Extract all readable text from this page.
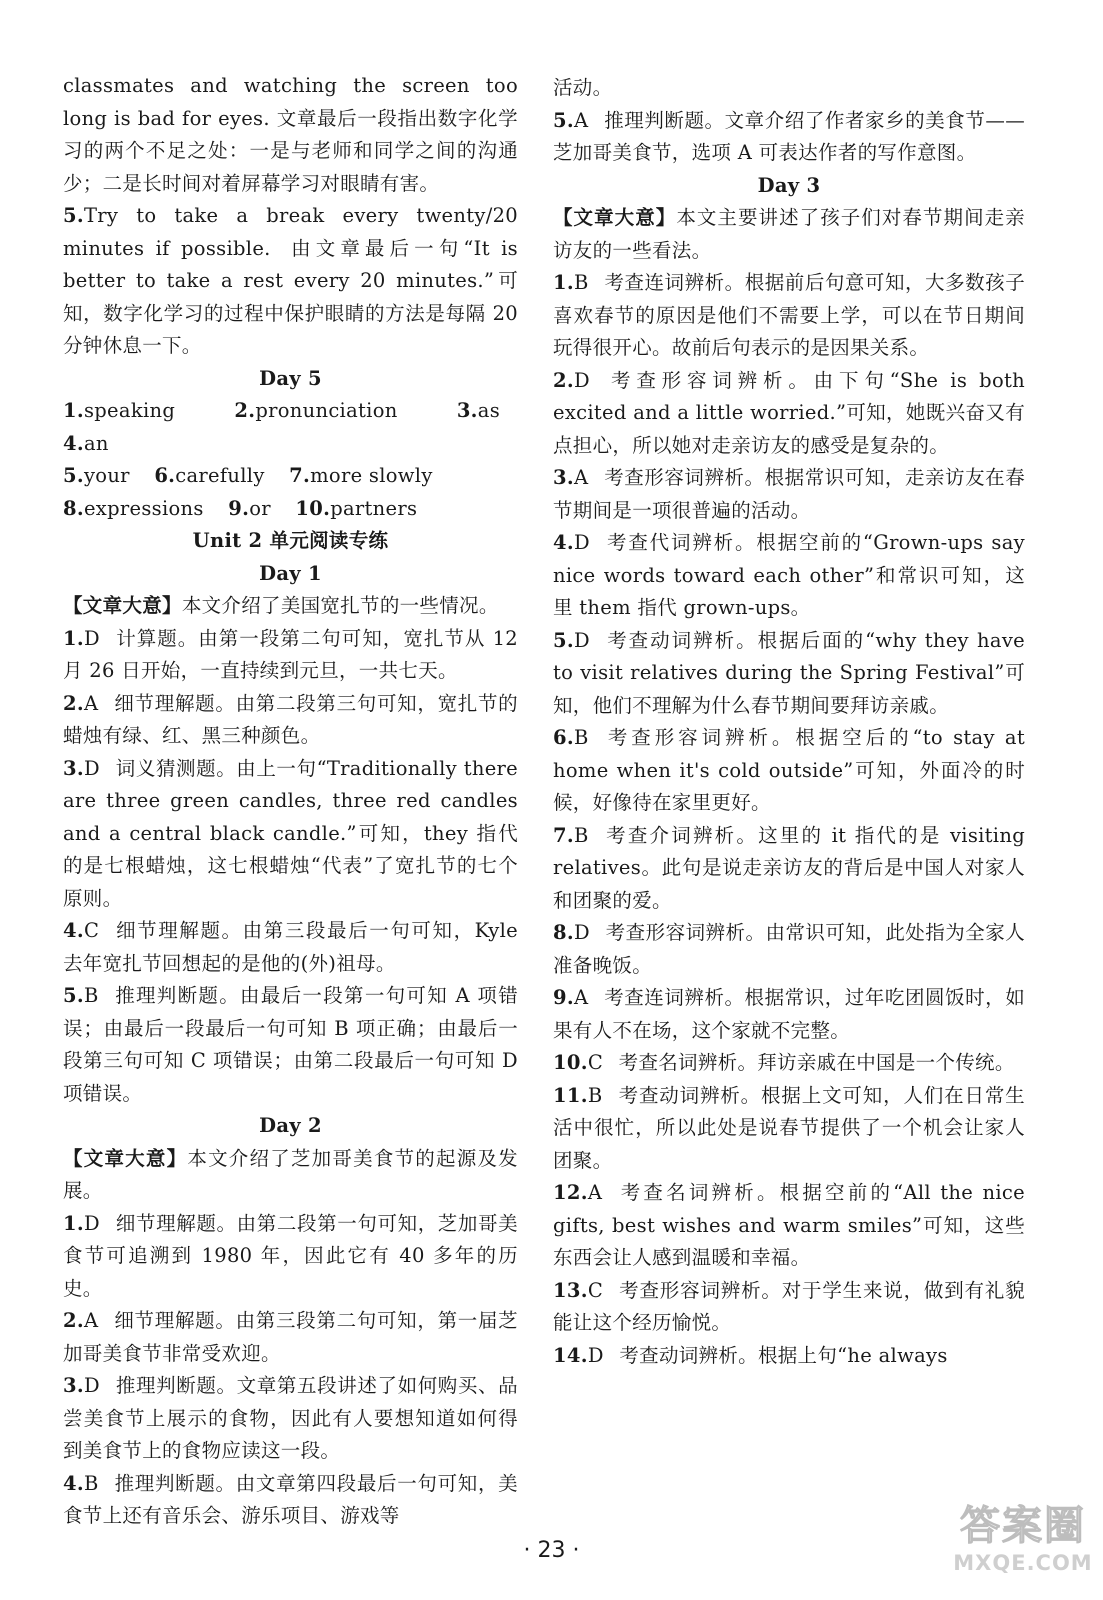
classmates and watching the screen too long is bad for eyes. 文章最后一段指出数字化学习的两个不足之处：一是与老师和同学之间的沟通少；二是长时间对着屏幕学习对眼睛有害。

5.Try to take a break every twenty/20 minutes if possible. 由文章最后一句“It is better to take a rest every 20 minutes.”可知，数字化学习的过程中保护眼睛的方法是每隔 20 分钟休息一下。

Day 5

1.speaking	2.pronunciation	3.as 4.an

5.your 6.carefully 7.more slowly

8.expressions 9.or 10.partners

Unit 2 单元阅读专练
Day 1

【文章大意】本文介绍了美国宽扎节的一些情况。

1.D 计算题。由第一段第二句可知，宽扎节从 12 月 26 日开始，一直持续到元旦，一共七天。

2.A 细节理解题。由第二段第三句可知，宽扎节的蜡烛有绿、红、黑三种颜色。

3.D 词义猜测题。由上一句“Traditionally there are three green candles, three red candles and a central black candle.”可知，they 指代的是七根蜡烛，这七根蜡烛“代表”了宽扎节的七个原则。

4.C 细节理解题。由第三段最后一句可知，Kyle 去年宽扎节回想起的是他的(外)祖母。

5.B 推理判断题。由最后一段第一句可知 A 项错误；由最后一段最后一句可知 B 项正确；由最后一段第三句可知 C 项错误；由第二段最后一句可知 D 项错误。

Day 2

【文章大意】本文介绍了芝加哥美食节的起源及发展。

1.D 细节理解题。由第二段第一句可知，芝加哥美食节可追溯到 1980 年，因此它有 40 多年的历史。

2.A 细节理解题。由第三段第二句可知，第一届芝加哥美食节非常受欢迎。

3.D 推理判断题。文章第五段讲述了如何购买、品尝美食节上展示的食物，因此有人要想知道如何得到美食节上的食物应读这一段。

4.B 推理判断题。由文章第四段最后一句可知，美食节上还有音乐会、游乐项目、游戏等

活动。

5.A 推理判断题。文章介绍了作者家乡的美食节——芝加哥美食节，选项 A 可表达作者的写作意图。

Day 3

【文章大意】本文主要讲述了孩子们对春节期间走亲访友的一些看法。

1.B 考查连词辨析。根据前后句意可知，大多数孩子喜欢春节的原因是他们不需要上学，可以在节日期间玩得很开心。故前后句表示的是因果关系。

2.D 考查形容词辨析。由下句“She is both excited and a little worried.”可知，她既兴奋又有点担心，所以她对走亲访友的感受是复杂的。

3.A 考查形容词辨析。根据常识可知，走亲访友在春节期间是一项很普遍的活动。

4.D 考查代词辨析。根据空前的“Grown-ups say nice words toward each other”和常识可知，这里 them 指代 grown-ups。

5.D 考查动词辨析。根据后面的“why they have to visit relatives during the Spring Festival”可知，他们不理解为什么春节期间要拜访亲戚。

6.B 考查形容词辨析。根据空后的“to stay at home when it's cold outside”可知，外面冷的时候，好像待在家里更好。

7.B 考查介词辨析。这里的 it 指代的是 visiting relatives。此句是说走亲访友的背后是中国人对家人和团聚的爱。

8.D 考查形容词辨析。由常识可知，此处指为全家人准备晚饭。

9.A 考查连词辨析。根据常识，过年吃团圆饭时，如果有人不在场，这个家就不完整。

10.C 考查名词辨析。拜访亲戚在中国是一个传统。

11.B 考查动词辨析。根据上文可知，人们在日常生活中很忙，所以此处是说春节提供了一个机会让家人团聚。

12.A 考查名词辨析。根据空前的“All the nice gifts, best wishes and warm smiles”可知，这些东西会让人感到温暖和幸福。

13.C 考查形容词辨析。对于学生来说，做到有礼貌能让这个经历愉悦。

14.D 考查动词辨析。根据上句“he always

· 23 ·
答案圈
MXQE.COM
